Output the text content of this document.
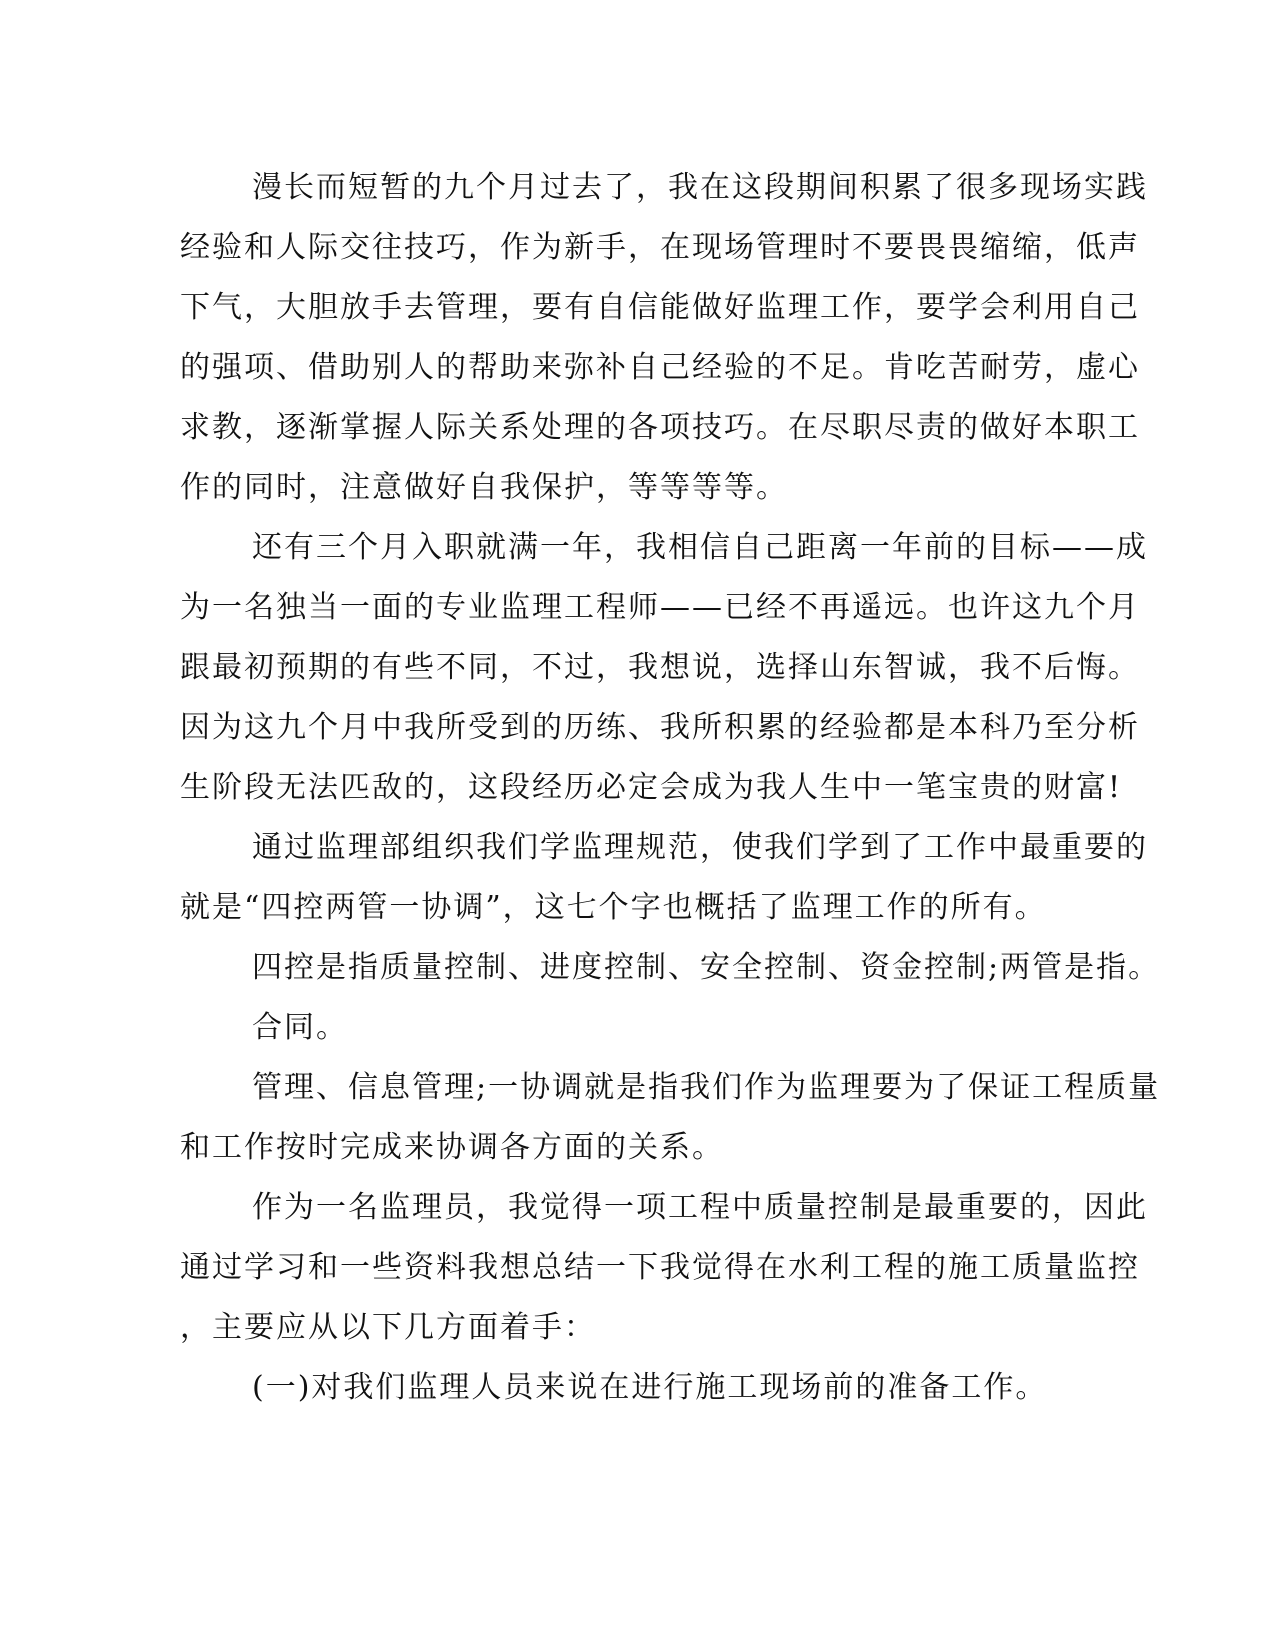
漫长而短暂的九个月过去了，我在这段期间积累了很多现场实践
经验和人际交往技巧，作为新手，在现场管理时不要畏畏缩缩，低声
下气，大胆放手去管理，要有自信能做好监理工作，要学会利用自己
的强项、借助别人的帮助来弥补自己经验的不足。肯吃苦耐劳，虚心
求教，逐渐掌握人际关系处理的各项技巧。在尽职尽责的做好本职工
作的同时，注意做好自我保护，等等等等。
还有三个月入职就满一年，我相信自己距离一年前的目标——成
为一名独当一面的专业监理工程师——已经不再遥远。也许这九个月
跟最初预期的有些不同，不过，我想说，选择山东智诚，我不后悔。
因为这九个月中我所受到的历练、我所积累的经验都是本科乃至分析
生阶段无法匹敌的，这段经历必定会成为我人生中一笔宝贵的财富!
通过监理部组织我们学监理规范，使我们学到了工作中最重要的
就是“四控两管一协调”，这七个字也概括了监理工作的所有。
四控是指质量控制、进度控制、安全控制、资金控制;两管是指。
合同。
管理、信息管理;一协调就是指我们作为监理要为了保证工程质量
和工作按时完成来协调各方面的关系。
作为一名监理员，我觉得一项工程中质量控制是最重要的，因此
通过学习和一些资料我想总结一下我觉得在水利工程的施工质量监控
，主要应从以下几方面着手：
(一)对我们监理人员来说在进行施工现场前的准备工作。
